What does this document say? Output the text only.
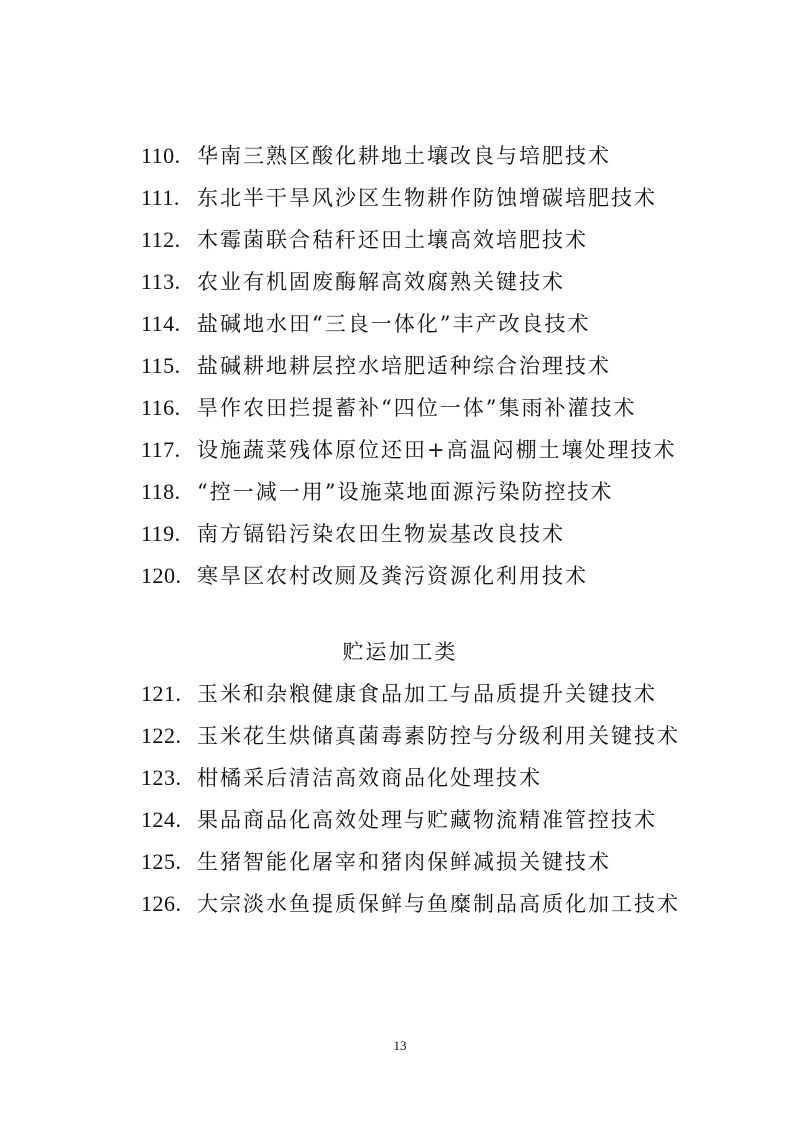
110. 华南三熟区酸化耕地土壤改良与培肥技术
111. 东北半干旱风沙区生物耕作防蚀增碳培肥技术
112. 木霉菌联合秸秆还田土壤高效培肥技术
113. 农业有机固废酶解高效腐熟关键技术
114. 盐碱地水田“三良一体化”丰产改良技术
115. 盐碱耕地耕层控水培肥适种综合治理技术
116. 旱作农田拦提蓄补“四位一体”集雨补灌技术
117. 设施蔬菜残体原位还田+高温闷棚土壤处理技术
118. “控一减一用”设施菜地面源污染防控技术
119. 南方镉铅污染农田生物炭基改良技术
120. 寒旱区农村改厕及粪污资源化利用技术
贮运加工类
121. 玉米和杂粮健康食品加工与品质提升关键技术
122. 玉米花生烘储真菌毒素防控与分级利用关键技术
123. 柑橘采后清洁高效商品化处理技术
124. 果品商品化高效处理与贮藏物流精准管控技术
125. 生猪智能化屠宰和猪肉保鲜减损关键技术
126. 大宗淡水鱼提质保鲜与鱼糜制品高质化加工技术
13
